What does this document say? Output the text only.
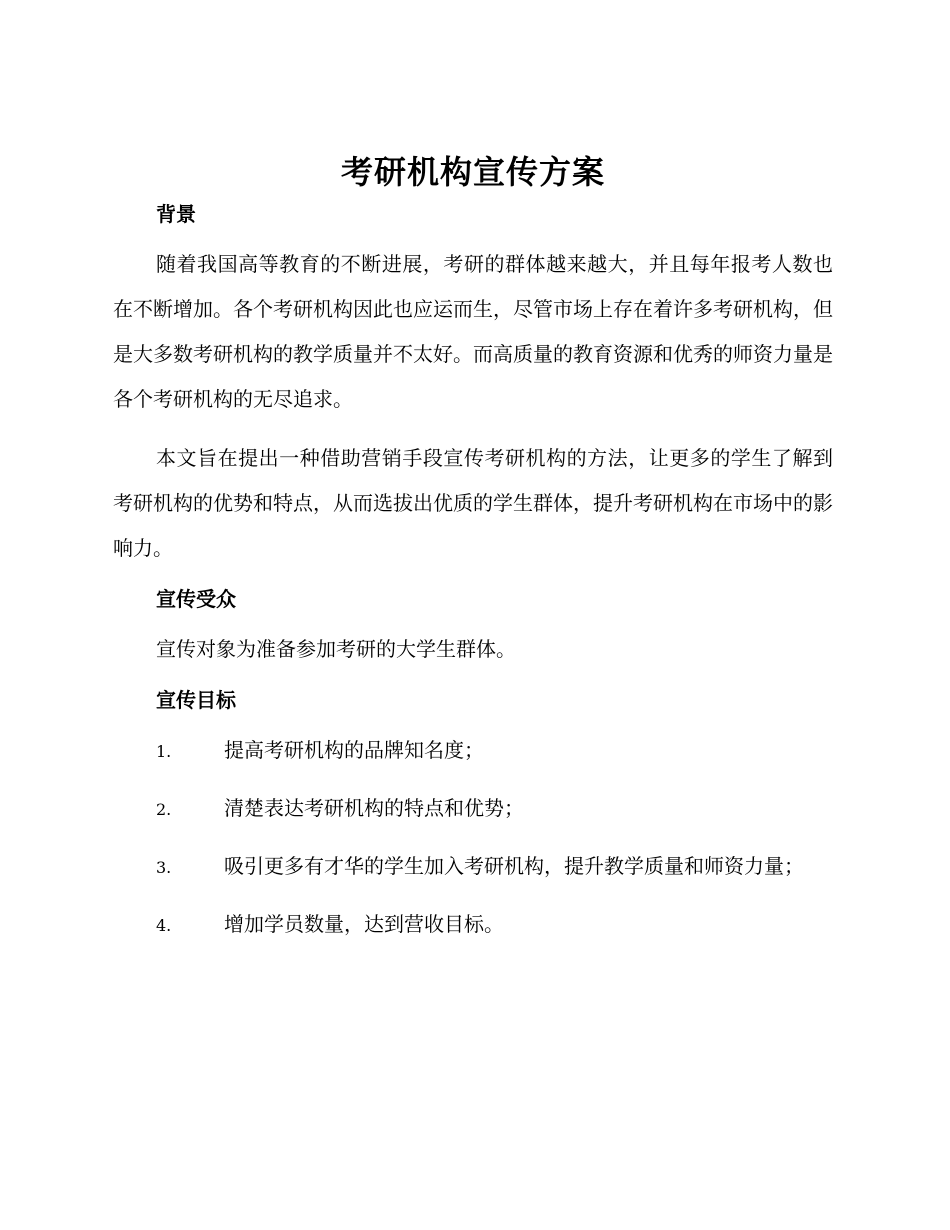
考研机构宣传方案
背景

随着我国高等教育的不断进展，考研的群体越来越大，并且每年报考人数也在不断增加。各个考研机构因此也应运而生，尽管市场上存在着许多考研机构，但是大多数考研机构的教学质量并不太好。而高质量的教育资源和优秀的师资力量是各个考研机构的无尽追求。

本文旨在提出一种借助营销手段宣传考研机构的方法，让更多的学生了解到考研机构的优势和特点，从而选拔出优质的学生群体，提升考研机构在市场中的影响力。

宣传受众

宣传对象为准备参加考研的大学生群体。

宣传目标

1.	提高考研机构的品牌知名度；

2.	清楚表达考研机构的特点和优势；

3.	吸引更多有才华的学生加入考研机构，提升教学质量和师资力量；

4.	增加学员数量，达到营收目标。
